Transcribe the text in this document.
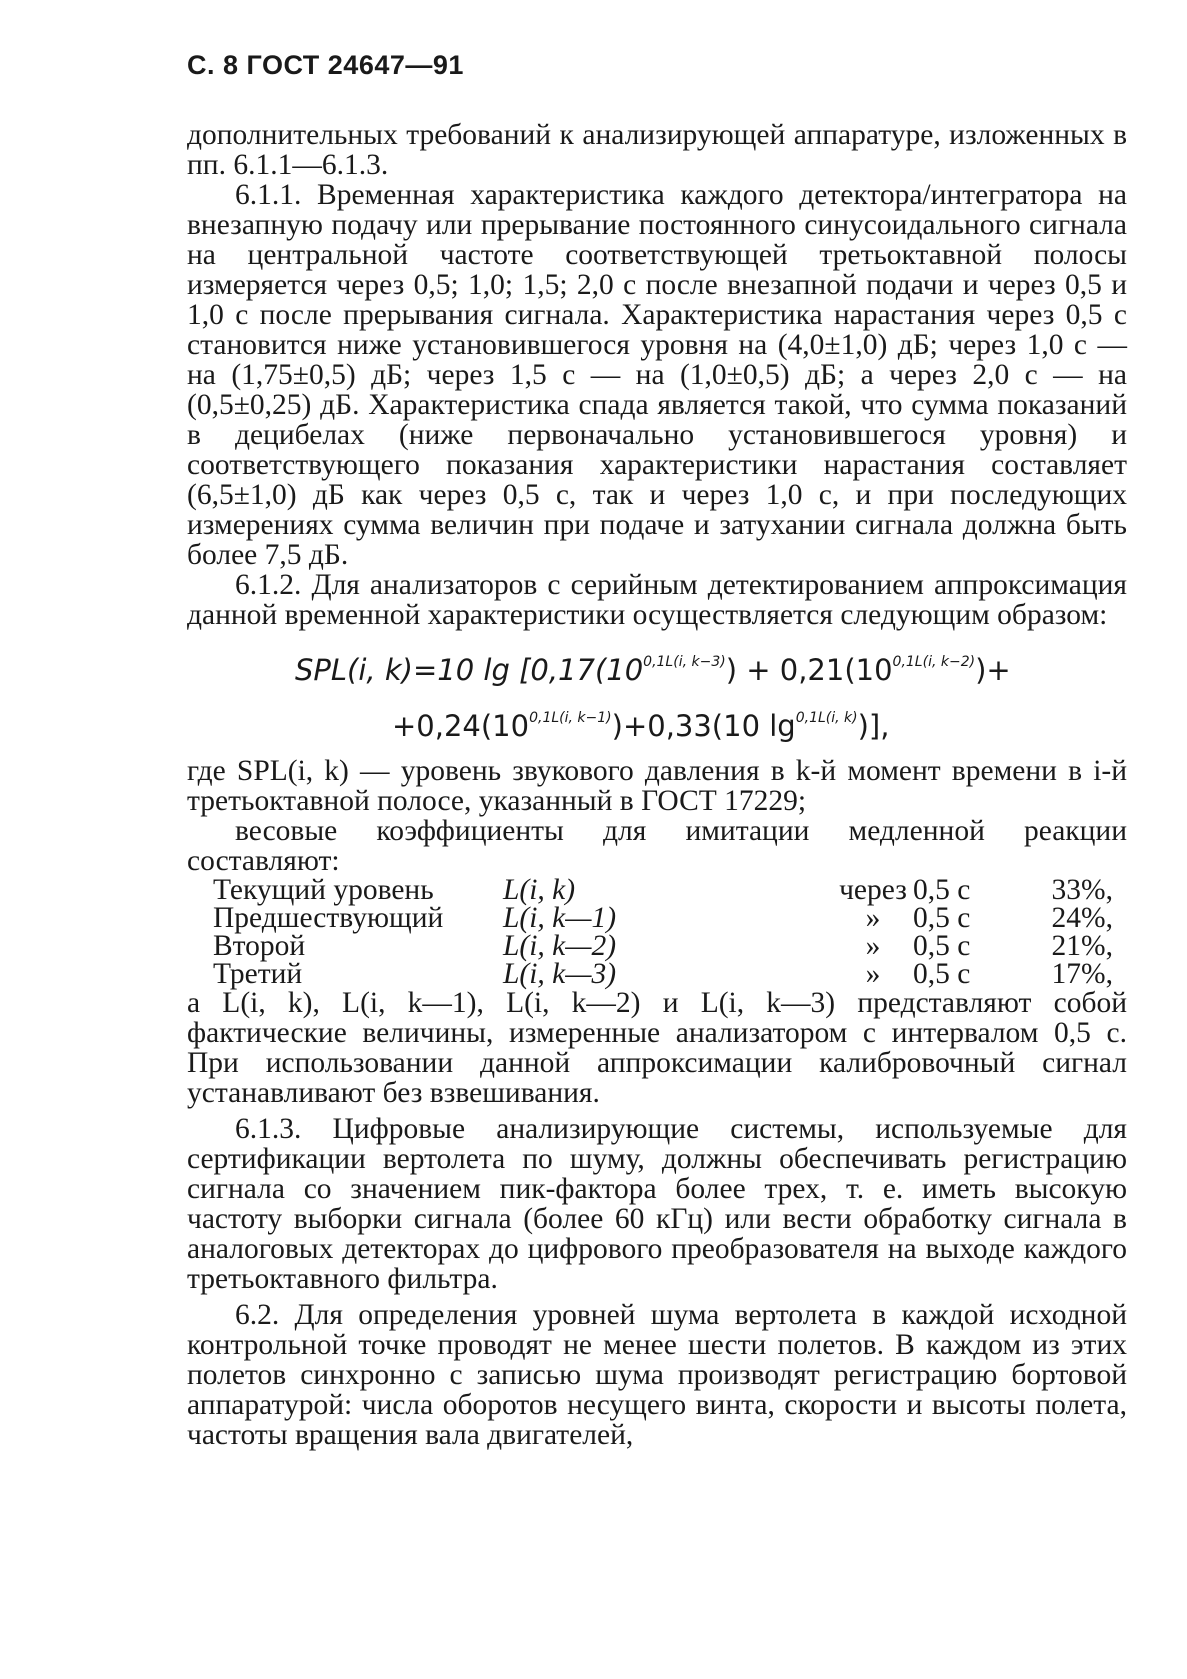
С. 8 ГОСТ 24647—91

дополнительных требований к анализирующей аппаратуре, изложенных в пп. 6.1.1—6.1.3.

6.1.1. Временная характеристика каждого детектора/интегратора на внезапную подачу или прерывание постоянного синусоидального сигнала на центральной частоте соответствующей третьоктавной полосы измеряется через 0,5; 1,0; 1,5; 2,0 с после внезапной подачи и через 0,5 и 1,0 с после прерывания сигнала. Характеристика нарастания через 0,5 с становится ниже установившегося уровня на (4,0±1,0) дБ; через 1,0 с — на (1,75±0,5) дБ; через 1,5 с — на (1,0±0,5) дБ; а через 2,0 с — на (0,5±0,25) дБ. Характеристика спада является такой, что сумма показаний в децибелах (ниже первоначально установившегося уровня) и соответствующего показания характеристики нарастания составляет (6,5±1,0) дБ как через 0,5 с, так и через 1,0 с, и при последующих измерениях сумма величин при подаче и затухании сигнала должна быть более 7,5 дБ.

6.1.2. Для анализаторов с серийным детектированием аппроксимация данной временной характеристики осуществляется следующим образом:

SPL(i, k)=10 $\lg [0,17(10^{0,1L(i, k-3)}) + 0,21(10^{0,1L(i, k-2)})+$
$+0,24(10^{0,1L(i, k-1)})+0,33(10$ $\lg^{0,1L(i, k)}$)],

где SPL(i, k) — уровень звукового давления в k-й момент времени в i-й третьоктавной полосе, указанный в ГОСТ 17229;

весовые коэффициенты для имитации медленной реакции составляют:

Текущий уровень	L(i, k)	через	0,5 с	33%,
Предшествующий	L(i, k—1)	»	0,5 с	24%,
Второй	L(i, k—2)	»	0,5 с	21%,
Третий	L(i, k—3)	»	0,5 с	17%,

а L(i, k), L(i, k—1), L(i, k—2) и L(i, k—3) представляют собой фактические величины, измеренные анализатором с интервалом 0,5 с. При использовании данной аппроксимации калибровочный сигнал устанавливают без взвешивания.

6.1.3. Цифровые анализирующие системы, используемые для сертификации вертолета по шуму, должны обеспечивать регистрацию сигнала со значением пик-фактора более трех, т. е. иметь высокую частоту выборки сигнала (более 60 кГц) или вести обработку сигнала в аналоговых детекторах до цифрового преобразователя на выходе каждого третьоктавного фильтра.

6.2. Для определения уровней шума вертолета в каждой исходной контрольной точке проводят не менее шести полетов. В каждом из этих полетов синхронно с записью шума производят регистрацию бортовой аппаратурой: числа оборотов несущего винта, скорости и высоты полета, частоты вращения вала двигателей,
